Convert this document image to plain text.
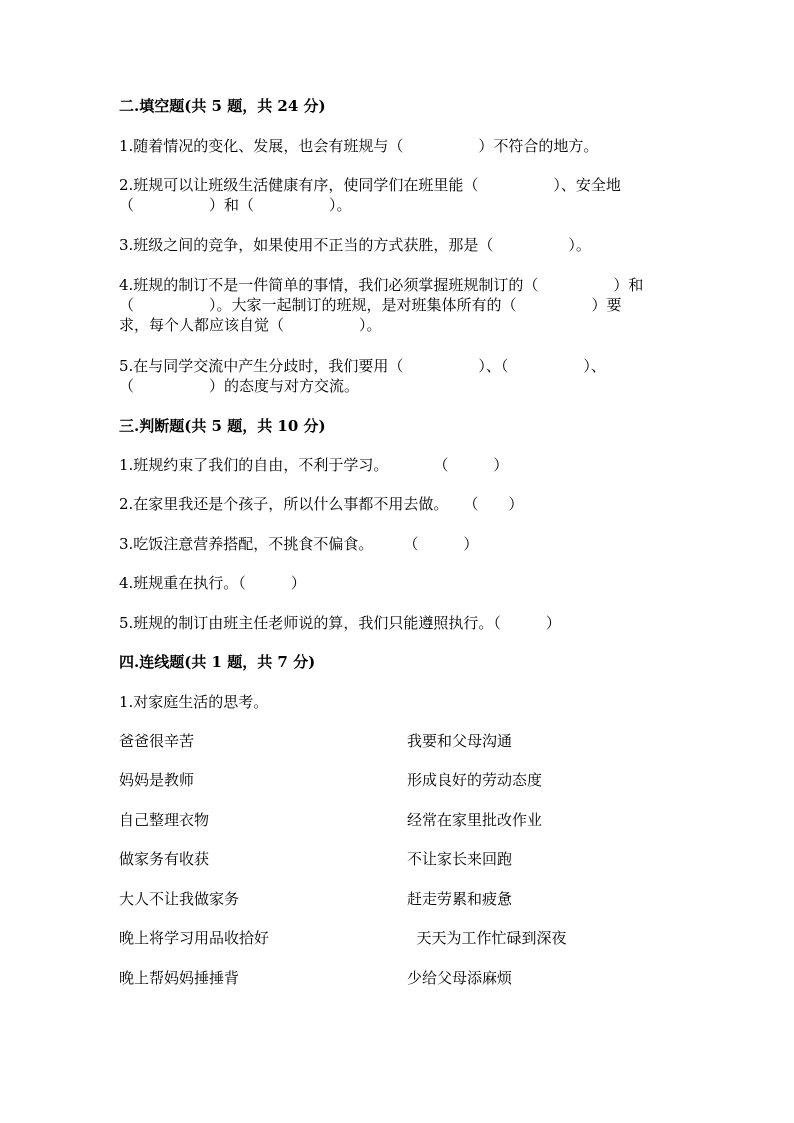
二.填空题(共 5 题，共 24 分)

1.随着情况的变化、发展，也会有班规与（　　　　　）不符合的地方。

2.班规可以让班级生活健康有序，使同学们在班里能（　　　　　）、安全地

（　　　　　）和（　　　　　）。

3.班级之间的竞争，如果使用不正当的方式获胜，那是（　　　　　）。

4.班规的制订不是一件简单的事情，我们必须掌握班规制订的（　　　　　）和

（　　　　　）。大家一起制订的班规，是对班集体所有的（　　　　　）要

求，每个人都应该自觉（　　　　　）。

5.在与同学交流中产生分歧时，我们要用（　　　　　）、（　　　　　）、

（　　　　　）的态度与对方交流。

三.判断题(共 5 题，共 10 分)

1.班规约束了我们的自由，不利于学习。　　　　（　　　）

2.在家里我还是个孩子，所以什么事都不用去做。　　（　　）

3.吃饭注意营养搭配，不挑食不偏食。　　　（　　　）

4.班规重在执行。（　　　）

5.班规的制订由班主任老师说的算，我们只能遵照执行。（　　　）

四.连线题(共 1 题，共 7 分)

1.对家庭生活的思考。

爸爸很辛苦

妈妈是教师

自己整理衣物

做家务有收获

大人不让我做家务

晚上将学习用品收拾好

晚上帮妈妈捶捶背

我要和父母沟通

形成良好的劳动态度

经常在家里批改作业

不让家长来回跑

赶走劳累和疲惫

天天为工作忙碌到深夜

少给父母添麻烦
